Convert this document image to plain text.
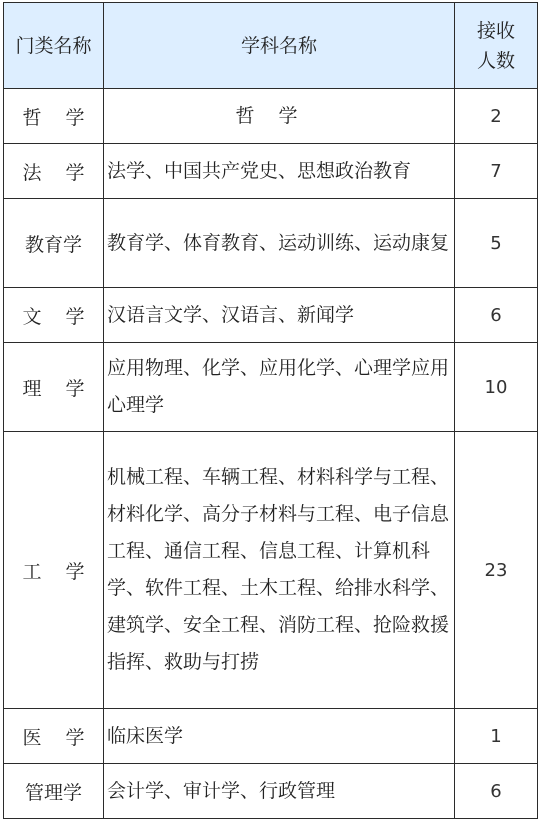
门类名称	学科名称	接收人数

哲学	哲学	2
法学	法学、中国共产党史、思想政治教育	7
教育学	教育学、体育教育、运动训练、运动康复	5
文学	汉语言文学、汉语言、新闻学	6
理学	应用物理、化学、应用化学、心理学应用心理学	10
工学	机械工程、车辆工程、材料科学与工程、材料化学、高分子材料与工程、电子信息工程、通信工程、信息工程、计算机科学、软件工程、土木工程、给排水科学、建筑学、安全工程、消防工程、抢险救援指挥、救助与打捞	23
医学	临床医学	1
管理学	会计学、审计学、行政管理	6
